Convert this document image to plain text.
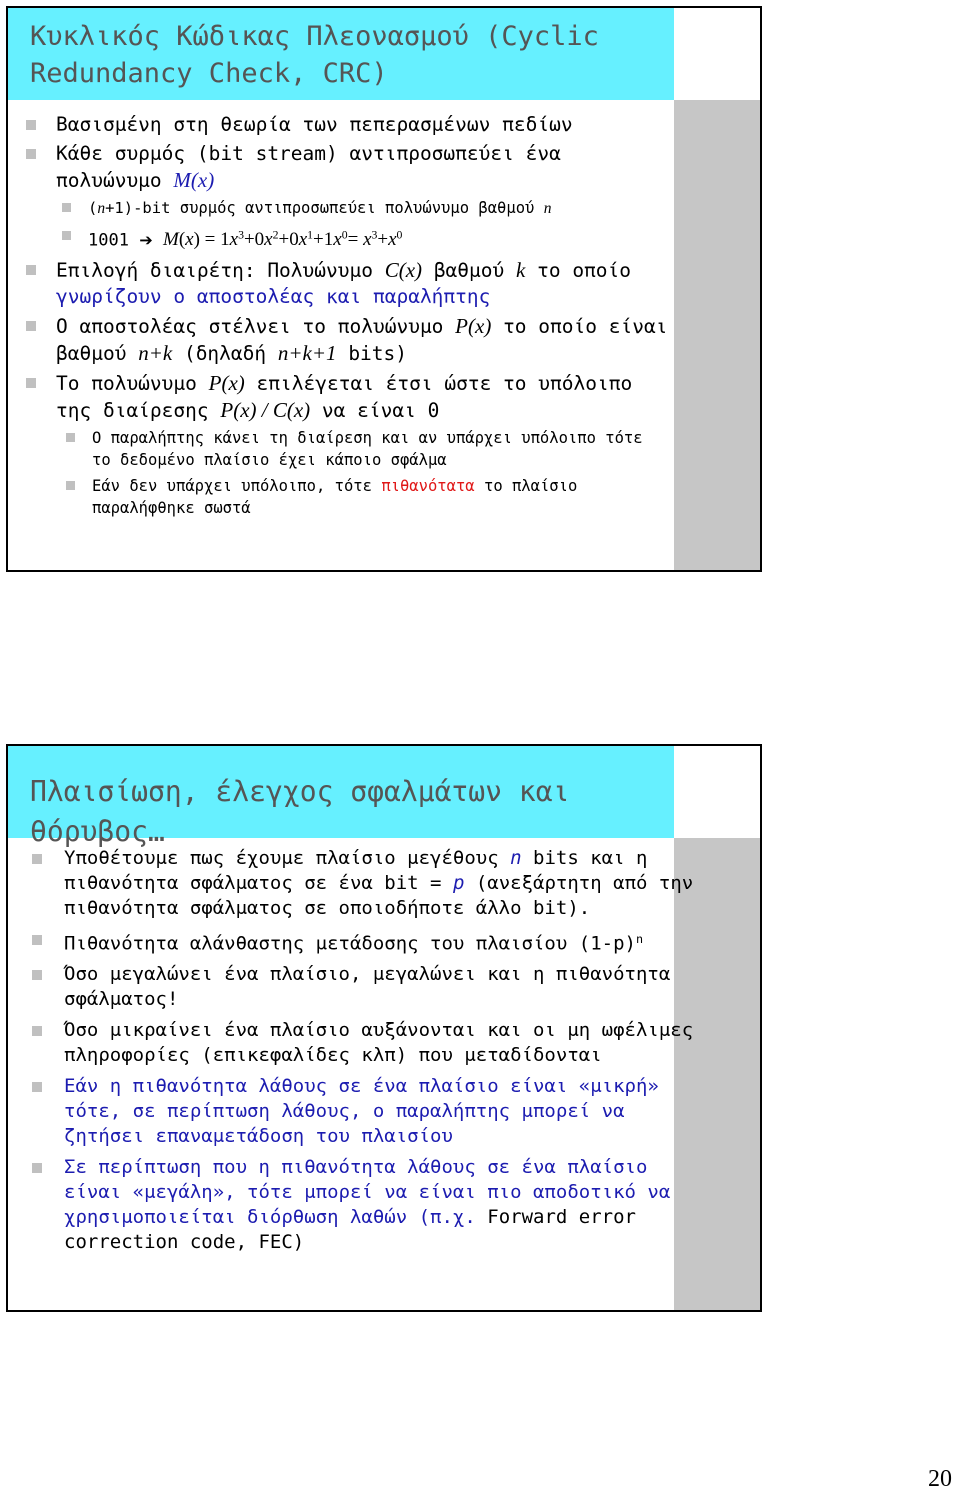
Κυκλικός Κώδικας Πλεονασμού (Cyclic
Redundancy Check, CRC)
Βασισμένη στη θεωρία των πεπερασμένων πεδίων
Κάθε συρμός (bit stream) αντιπροσωπεύει ένα
πολυώνυμο M(x)
(n+1)-bit συρμός αντιπροσωπεύει πολυώνυμο βαθμού n
1001 ➔ $M(x) = 1x^3+0x^2+0x^1+1x^0= x^3+x^0$
Επιλογή διαιρέτη: Πολυώνυμο C(x) βαθμού k το οποίο
γνωρίζουν ο αποστολέας και παραλήπτης
Ο αποστολέας στέλνει το πολυώνυμο P(x) το οποίο είναι
βαθμού n+k (δηλαδή n+k+1 bits)
Το πολυώνυμο P(x) επιλέγεται έτσι ώστε το υπόλοιπο
της διαίρεσης P(x) / C(x) να είναι 0
Ο παραλήπτης κάνει τη διαίρεση και αν υπάρχει υπόλοιπο τότε
το δεδομένο πλαίσιο έχει κάποιο σφάλμα
Εάν δεν υπάρχει υπόλοιπο, τότε πιθανότατα το πλαίσιο
παραλήφθηκε σωστά
Πλαισίωση, έλεγχος σφαλμάτων και θόρυβος…
Υποθέτουμε πως έχουμε πλαίσιο μεγέθους n bits και η
πιθανότητα σφάλματος σε ένα bit = p (ανεξάρτητη από την
πιθανότητα σφάλματος σε οποιοδήποτε άλλο bit).
Πιθανότητα αλάνθαστης μετάδοσης του πλαισίου $(1-p)^n$
Όσο μεγαλώνει ένα πλαίσιο, μεγαλώνει και η πιθανότητα
σφάλματος!
Όσο μικραίνει ένα πλαίσιο αυξάνονται και οι μη ωφέλιμες
πληροφορίες (επικεφαλίδες κλπ) που μεταδίδονται
Εάν η πιθανότητα λάθους σε ένα πλαίσιο είναι «μικρή»
τότε, σε περίπτωση λάθους, ο παραλήπτης μπορεί να
ζητήσει επαναμετάδοση του πλαισίου
Σε περίπτωση που η πιθανότητα λάθους σε ένα πλαίσιο
είναι «μεγάλη», τότε μπορεί να είναι πιο αποδοτικό να
χρησιμοποιείται διόρθωση λαθών (π.χ. Forward error
correction code, FEC)
20
